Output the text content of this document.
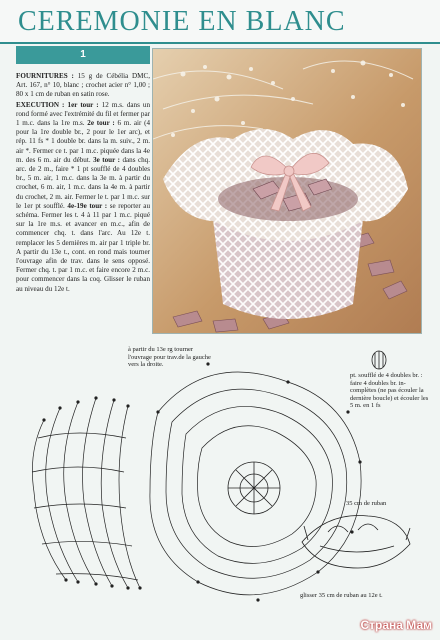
CEREMONIE EN BLANC
1

FOURNITURES : 15 g de Cébélia DMC, Art. 167, n° 10, blanc ; crochet acier n° 1,00 ; 80 x 1 cm de ruban en satin rose.

EXECUTION : 1er tour : 12 m.s. dans un rond formé avec l'extrémité du fil et fermer par 1 m.c. dans la 1re m.s. 2e tour : 6 m. air (4 pour la 1re double br., 2 pour le 1er arc), et rép. 11 fs * 1 double br. dans la m. suiv., 2 m. air *. Fermer ce t. par 1 m.c. piquée dans la 4e m. des 6 m. air du début. 3e tour : dans chq. arc. de 2 m., faire * 1 pt soufflé de 4 doubles br., 5 m. air, 1 m.c. dans la 3e m. à partir du crochet, 6 m. air, 1 m.c. dans la 4e m. à partir du crochet, 2 m. air. Fermer le t. par 1 m.c. sur le 1er pt soufflé. 4e-19e tour : se reporter au schéma. Fermer les t. 4 à 11 par 1 m.c. piqué sur la 1re m.s. et avancer en m.c., afin de commencer chq. t. dans l'arc. Au 12e t. remplacer les 5 dernières m. air par 1 triple br. A partir du 13e t., cont. en rond mais tourner l'ouvrage afin de trav. dans le sens opposé. Fermer chq. t. par 1 m.c. et faire encore 2 m.c. pour commencer dans la coq. Glisser le ruban au niveau du 12e t.

à partir du 13e rg tourner l'ouvrage pour trav.de la gauche vers la droite.
pt. soufflé de 4 doubles br. : faire 4 doubles br. in-complètes (ne pas écouler la dernière boucle) et écouler les 5 m. en 1 fs
35 cm de ruban
glisser 35 cm de ruban au 12e t.
Страна Мам
